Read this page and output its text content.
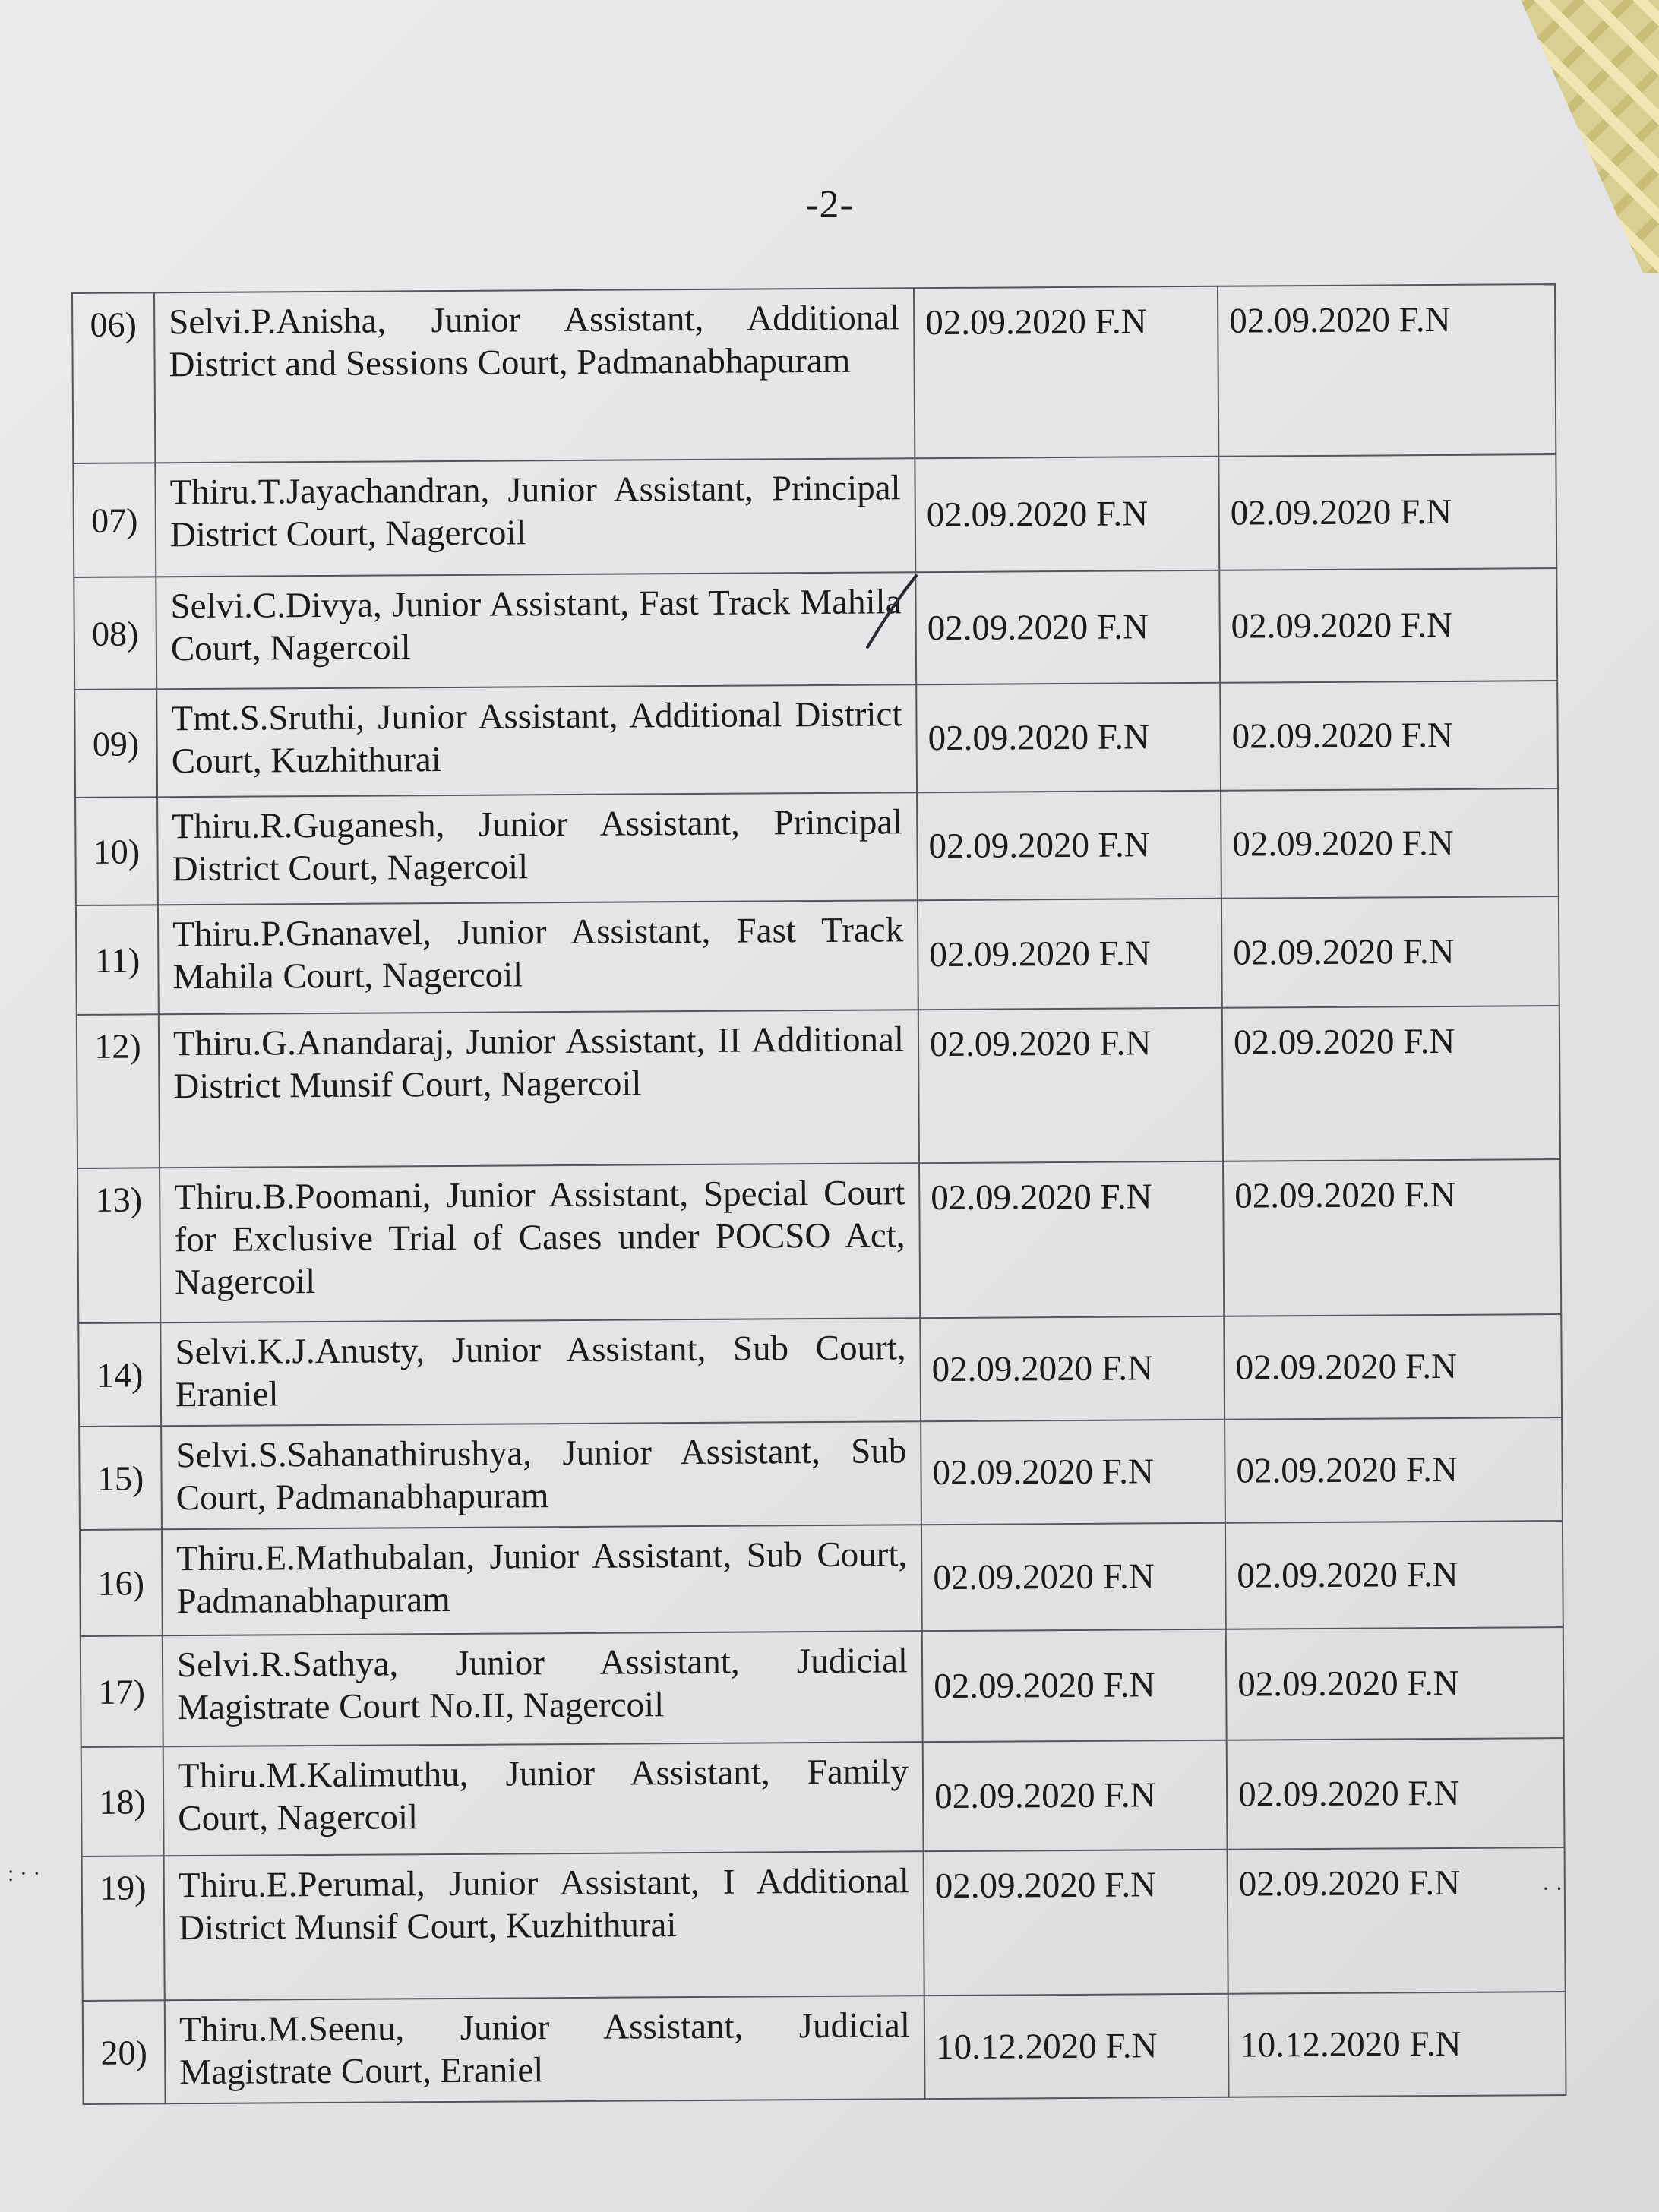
-2-
06)	Selvi.P.Anisha, Junior Assistant, Additional District and Sessions Court, Padmanabhapuram	02.09.2020 F.N	02.09.2020 F.N
07)	Thiru.T.Jayachandran, Junior Assistant, Principal District Court, Nagercoil	02.09.2020 F.N	02.09.2020 F.N
08)	Selvi.C.Divya, Junior Assistant, Fast Track Mahila Court, Nagercoil	02.09.2020 F.N	02.09.2020 F.N
09)	Tmt.S.Sruthi, Junior Assistant, Additional District Court, Kuzhithurai	02.09.2020 F.N	02.09.2020 F.N
10)	Thiru.R.Guganesh, Junior Assistant, Principal District Court, Nagercoil	02.09.2020 F.N	02.09.2020 F.N
11)	Thiru.P.Gnanavel, Junior Assistant, Fast Track Mahila Court, Nagercoil	02.09.2020 F.N	02.09.2020 F.N
12)	Thiru.G.Anandaraj, Junior Assistant, II Additional District Munsif Court, Nagercoil	02.09.2020 F.N	02.09.2020 F.N
13)	Thiru.B.Poomani, Junior Assistant, Special Court for Exclusive Trial of Cases under POCSO Act, Nagercoil	02.09.2020 F.N	02.09.2020 F.N
14)	Selvi.K.J.Anusty, Junior Assistant, Sub Court, Eraniel	02.09.2020 F.N	02.09.2020 F.N
15)	Selvi.S.Sahanathirushya, Junior Assistant, Sub Court, Padmanabhapuram	02.09.2020 F.N	02.09.2020 F.N
16)	Thiru.E.Mathubalan, Junior Assistant, Sub Court, Padmanabhapuram	02.09.2020 F.N	02.09.2020 F.N
17)	Selvi.R.Sathya, Junior Assistant, Judicial Magistrate Court No.II, Nagercoil	02.09.2020 F.N	02.09.2020 F.N
18)	Thiru.M.Kalimuthu, Junior Assistant, Family Court, Nagercoil	02.09.2020 F.N	02.09.2020 F.N
19)	Thiru.E.Perumal, Junior Assistant, I Additional District Munsif Court, Kuzhithurai	02.09.2020 F.N	02.09.2020 F.N
20)	Thiru.M.Seenu, Junior Assistant, Judicial Magistrate Court, Eraniel	10.12.2020 F.N	10.12.2020 F.N
: · ·
· ·
